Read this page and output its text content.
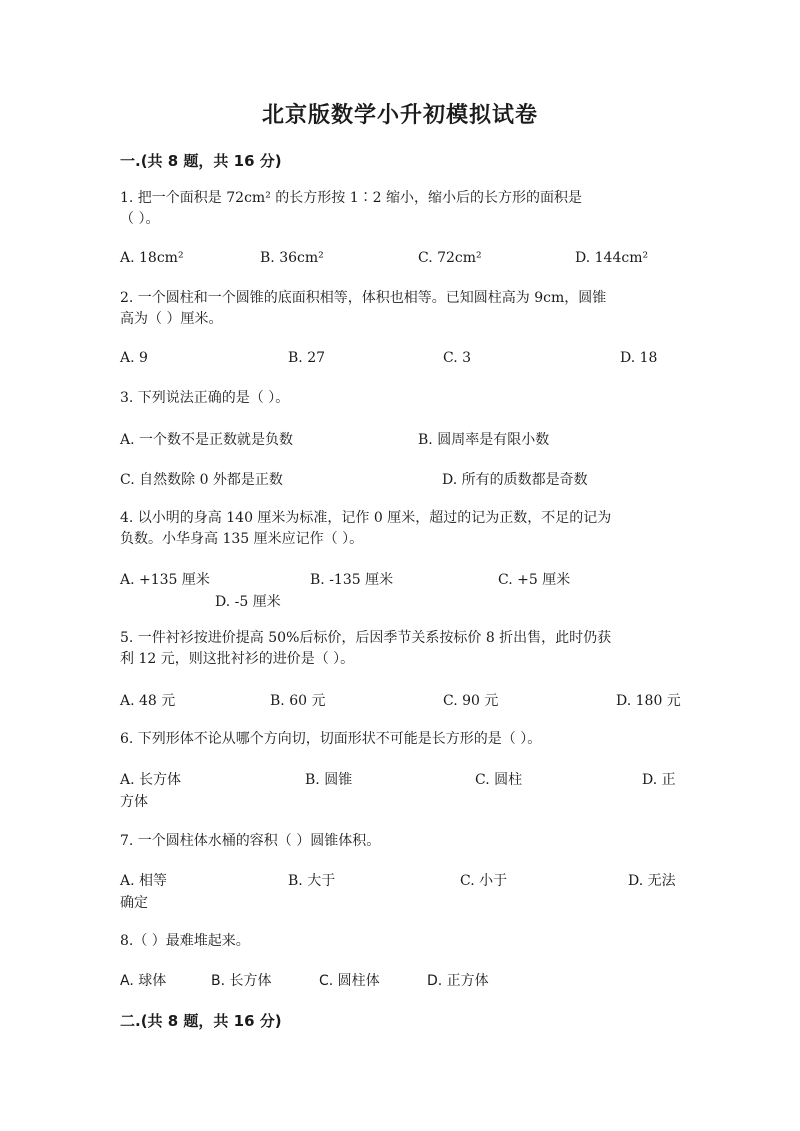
北京版数学小升初模拟试卷
一.(共 8 题，共 16 分)
1. 把一个面积是 72cm² 的长方形按 1∶2 缩小，缩小后的长方形的面积是
（ ）。
A. 18cm²	B. 36cm²	C. 72cm²	D. 144cm²
2. 一个圆柱和一个圆锥的底面积相等，体积也相等。已知圆柱高为 9cm，圆锥
高为（ ）厘米。
A. 9	B. 27	C. 3	D. 18
3. 下列说法正确的是（ ）。
A. 一个数不是正数就是负数	B. 圆周率是有限小数
C. 自然数除 0 外都是正数	D. 所有的质数都是奇数
4. 以小明的身高 140 厘米为标准，记作 0 厘米，超过的记为正数，不足的记为
负数。小华身高 135 厘米应记作（ ）。
A. +135 厘米	B. -135 厘米	C. +5 厘米
D. -5 厘米
5. 一件衬衫按进价提高 50%后标价，后因季节关系按标价 8 折出售，此时仍获
利 12 元，则这批衬衫的进价是（ ）。
A. 48 元	B. 60 元	C. 90 元	D. 180 元
6. 下列形体不论从哪个方向切，切面形状不可能是长方形的是（ ）。
A. 长方体	B. 圆锥	C. 圆柱	D. 正
方体
7. 一个圆柱体水桶的容积（ ）圆锥体积。
A. 相等	B. 大于	C. 小于	D. 无法
确定
8.（ ）最难堆起来。
A. 球体	B. 长方体	C. 圆柱体	D. 正方体
二.(共 8 题，共 16 分)
